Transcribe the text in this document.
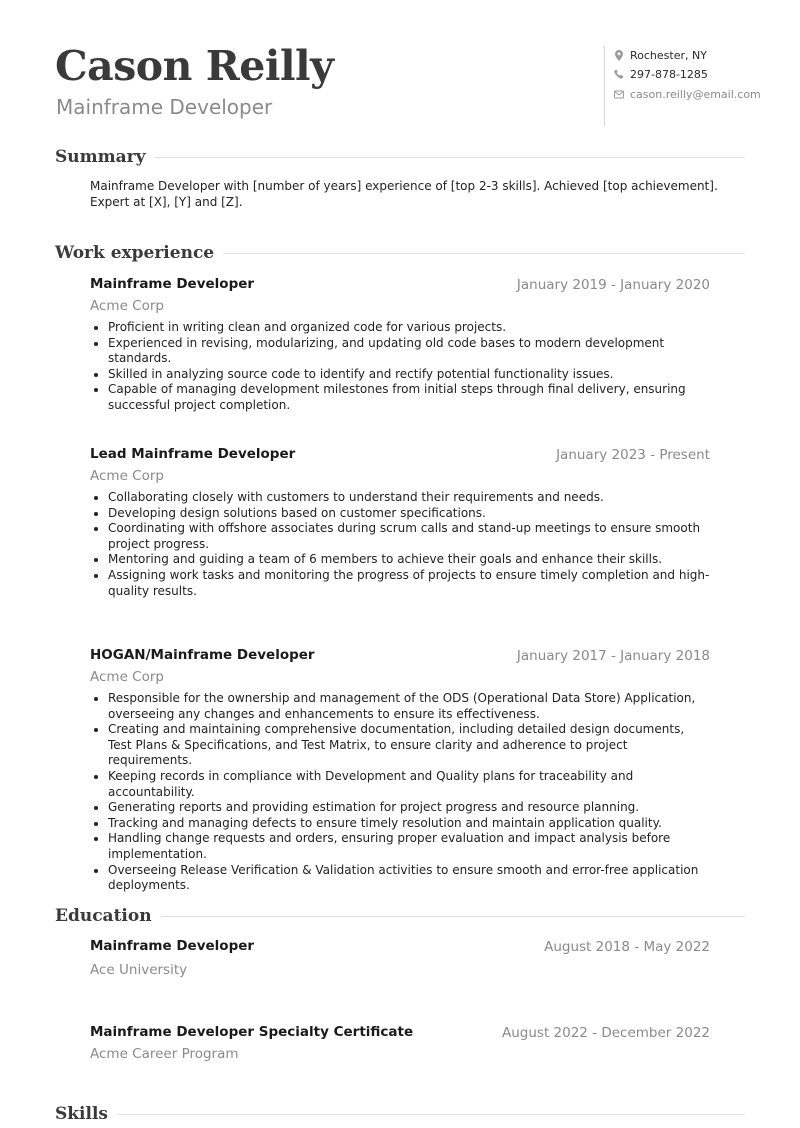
Cason Reilly
Mainframe Developer
Rochester, NY
297-878-1285
cason.reilly@email.com
Summary
Mainframe Developer with [number of years] experience of [top 2-3 skills]. Achieved [top achievement]. Expert at [X], [Y] and [Z].
Work experience
Mainframe Developer	January 2019 - January 2020
Acme Corp
Proficient in writing clean and organized code for various projects.
Experienced in revising, modularizing, and updating old code bases to modern development standards.
Skilled in analyzing source code to identify and rectify potential functionality issues.
Capable of managing development milestones from initial steps through final delivery, ensuring successful project completion.
Lead Mainframe Developer	January 2023 - Present
Acme Corp
Collaborating closely with customers to understand their requirements and needs.
Developing design solutions based on customer specifications.
Coordinating with offshore associates during scrum calls and stand-up meetings to ensure smooth project progress.
Mentoring and guiding a team of 6 members to achieve their goals and enhance their skills.
Assigning work tasks and monitoring the progress of projects to ensure timely completion and high-quality results.
HOGAN/Mainframe Developer	January 2017 - January 2018
Acme Corp
Responsible for the ownership and management of the ODS (Operational Data Store) Application, overseeing any changes and enhancements to ensure its effectiveness.
Creating and maintaining comprehensive documentation, including detailed design documents, Test Plans & Specifications, and Test Matrix, to ensure clarity and adherence to project requirements.
Keeping records in compliance with Development and Quality plans for traceability and accountability.
Generating reports and providing estimation for project progress and resource planning.
Tracking and managing defects to ensure timely resolution and maintain application quality.
Handling change requests and orders, ensuring proper evaluation and impact analysis before implementation.
Overseeing Release Verification & Validation activities to ensure smooth and error-free application deployments.
Education
Mainframe Developer	August 2018 - May 2022
Ace University
Mainframe Developer Specialty Certificate	August 2022 - December 2022
Acme Career Program
Skills
